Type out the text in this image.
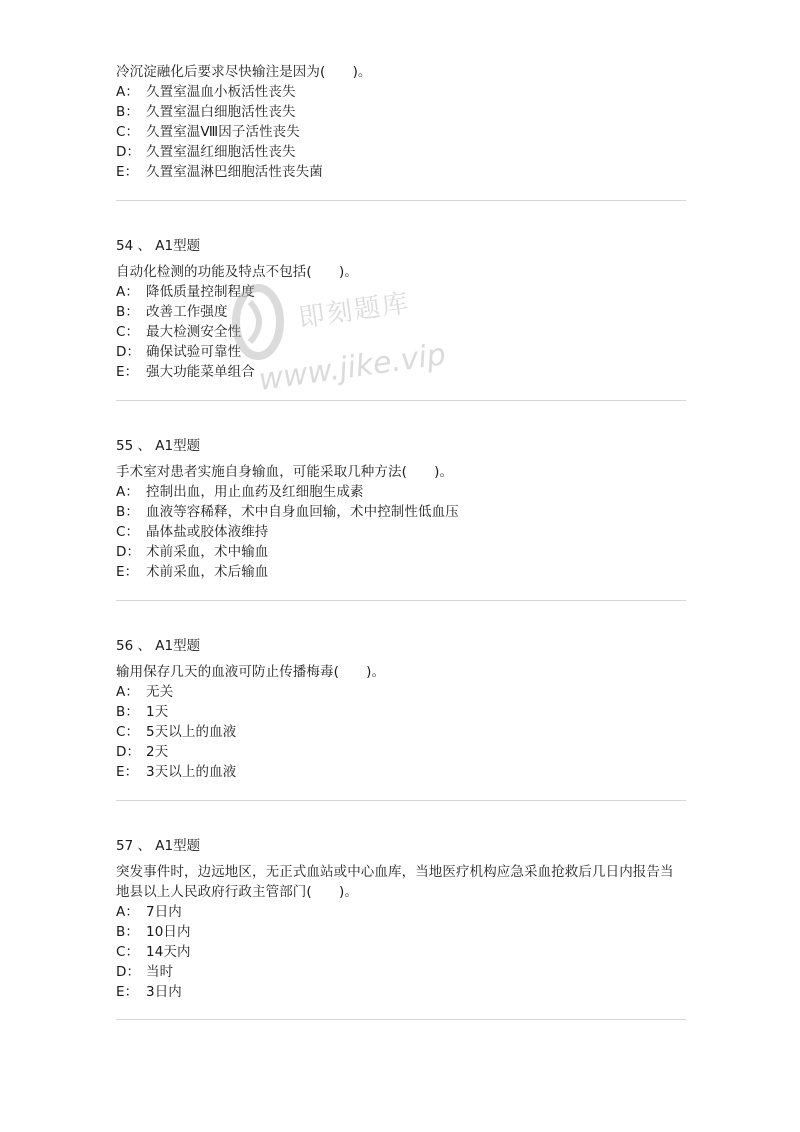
冷沉淀融化后要求尽快输注是因为(　　)。
A： 久置室温血小板活性丧失
B： 久置室温白细胞活性丧失
C： 久置室温Ⅷ因子活性丧失
D： 久置室温红细胞活性丧失
E： 久置室温淋巴细胞活性丧失菌
54 、 A1型题
自动化检测的功能及特点不包括(　　)。
A： 降低质量控制程度
B： 改善工作强度
C： 最大检测安全性
D： 确保试验可靠性
E： 强大功能菜单组合
55 、 A1型题
手术室对患者实施自身输血，可能采取几种方法(　　)。
A： 控制出血，用止血药及红细胞生成素
B： 血液等容稀释，术中自身血回输，术中控制性低血压
C： 晶体盐或胶体液维持
D： 术前采血，术中输血
E： 术前采血，术后输血
56 、 A1型题
输用保存几天的血液可防止传播梅毒(　　)。
A： 无关
B： 1天
C： 5天以上的血液
D： 2天
E： 3天以上的血液
57 、 A1型题
突发事件时，边远地区，无正式血站或中心血库，当地医疗机构应急采血抢救后几日内报告当地县以上人民政府行政主管部门(　　)。
A： 7日内
B： 10日内
C： 14天内
D： 当时
E： 3日内
即刻题库
www.jike.vip
